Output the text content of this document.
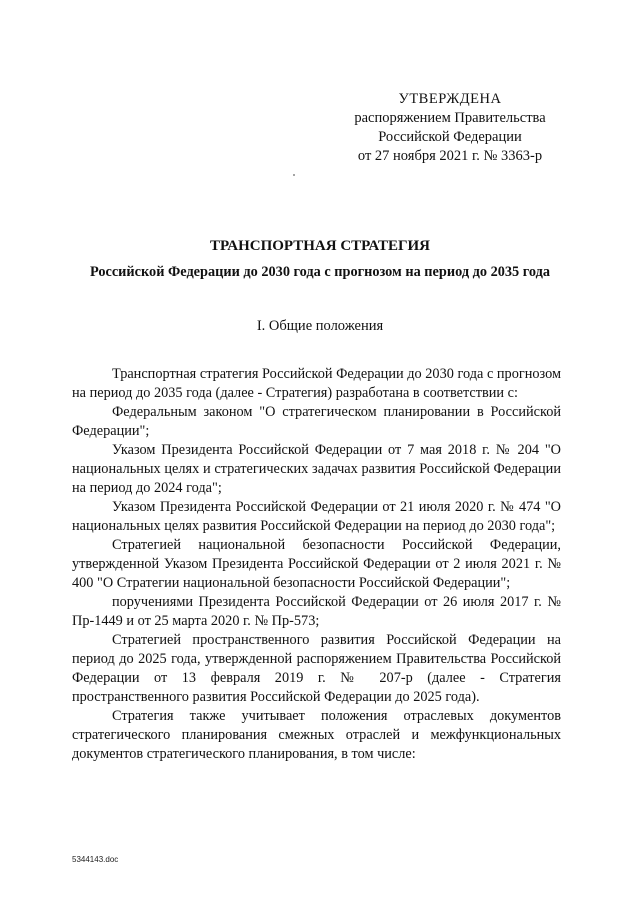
УТВЕРЖДЕНА
распоряжением Правительства
Российской Федерации
от 27 ноября 2021 г. № 3363-р
ТРАНСПОРТНАЯ СТРАТЕГИЯ
Российской Федерации до 2030 года с прогнозом на период до 2035 года
I. Общие положения

Транспортная стратегия Российской Федерации до 2030 года с прогнозом на период до 2035 года (далее - Стратегия) разработана в соответствии с:

Федеральным законом "О стратегическом планировании в Российской Федерации";

Указом Президента Российской Федерации от 7 мая 2018 г. № 204 "О национальных целях и стратегических задачах развития Российской Федерации на период до 2024 года";

Указом Президента Российской Федерации от 21 июля 2020 г. № 474 "О национальных целях развития Российской Федерации на период до 2030 года";

Стратегией национальной безопасности Российской Федерации, утвержденной Указом Президента Российской Федерации от 2 июля 2021 г. № 400 "О Стратегии национальной безопасности Российской Федерации";

поручениями Президента Российской Федерации от 26 июля 2017 г. № Пр-1449 и от 25 марта 2020 г. № Пр-573;

Стратегией пространственного развития Российской Федерации на период до 2025 года, утвержденной распоряжением Правительства Российской Федерации от 13 февраля 2019 г. № 207-р (далее - Стратегия пространственного развития Российской Федерации до 2025 года).

Стратегия также учитывает положения отраслевых документов стратегического планирования смежных отраслей и межфункциональных документов стратегического планирования, в том числе:

5344143.doc
